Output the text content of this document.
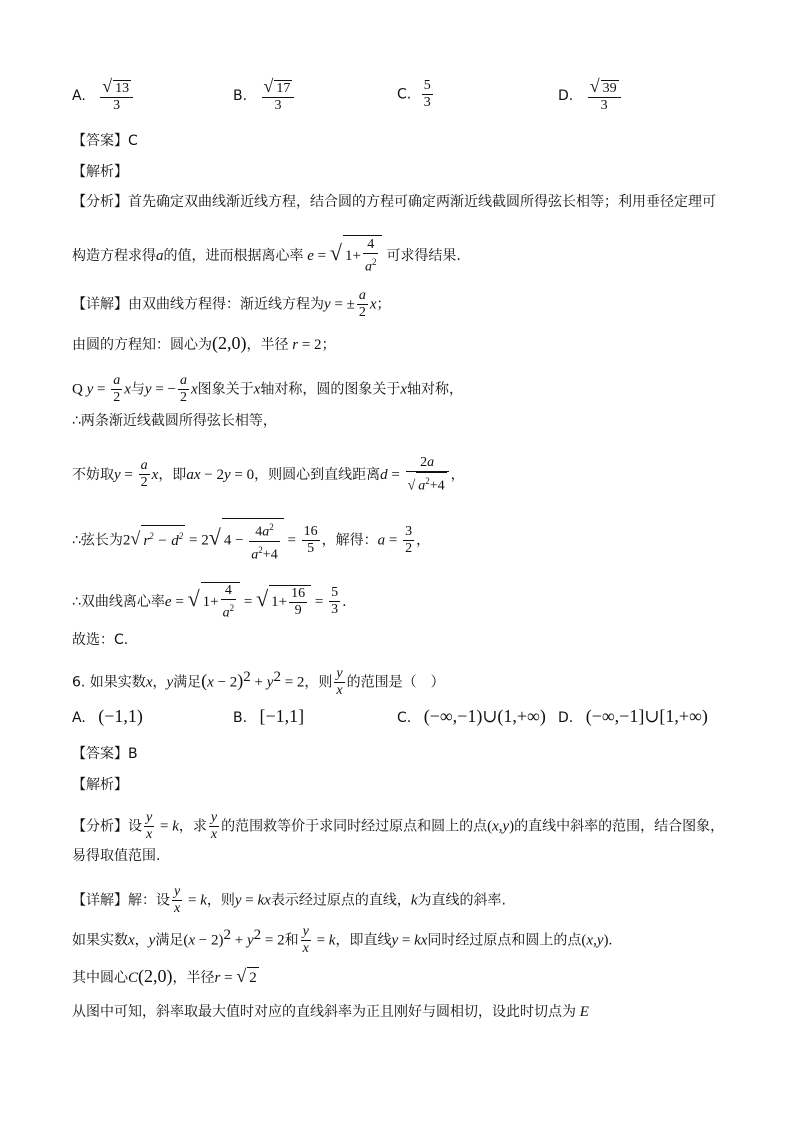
A. $\frac{√ 13}{3}$	B. $\frac{√ 17}{3}$	C. $\frac{5}{3}$	D. $\frac{√ 39}{3}$
【答案】C
【解析】
【分析】首先确定双曲线渐近线方程，结合圆的方程可确定两渐近线截圆所得弦长相等；利用垂径定理可
构造方程求得a的值，进而根据离心率 e = √ $1+ \frac{4}{a^2}$ 可求得结果.
【详解】由双曲线方程得：渐近线方程为y = ± $\frac{a}{2}$ x；
由圆的方程知：圆心为(2,0)，半径 r = 2；
Q $y = \frac{a}{2}$ x与y = − $\frac{a}{2}$ x图象关于x轴对称，圆的图象关于x轴对称，
∴两条渐近线截圆所得弦长相等，
不妨取$y = \frac{a}{2}$ x，即ax − 2y = 0，则圆心到直线距离$d = \frac{2a}{√ a^2+4}$ ，
∴弦长为2√ $r^2 - d^2 = 2√$ $4 - \frac{4a^2}{a^2+4} = \frac{16}{5}$ ，解得：$a = \frac{3}{2}$ ，
∴双曲线离心率e = √ $1+ \frac{4}{a^2}$ = √ $1+ \frac{16}{9} = \frac{5}{3}$ .
故选：C.
6. 如果实数x，y满足$(x - 2)^2 + y^2 = 2$，则 $\frac{y}{x}$ 的范围是（　）
A. (−1,1)	B. [−1,1]	C. (−∞,−1)∪(1,+∞) D. (−∞,−1]∪[1,+∞)
【答案】B
【解析】
【分析】设 $\frac{y}{x} = k$，求 $\frac{y}{x}$ 的范围救等价于求同时经过原点和圆上的点(x,y)的直线中斜率的范围，结合图象，
易得取值范围.
【详解】解：设 $\frac{y}{x} = k$，则y = kx表示经过原点的直线，k为直线的斜率.
如果实数x，y满足$(x - 2)^2 + y^2 = 2$和 $\frac{y}{x} = k$，即直线y = kx同时经过原点和圆上的点(x,y).
其中圆心C(2,0)，半径r = √ 2
从图中可知，斜率取最大值时对应的直线斜率为正且刚好与圆相切，设此时切点为 E
